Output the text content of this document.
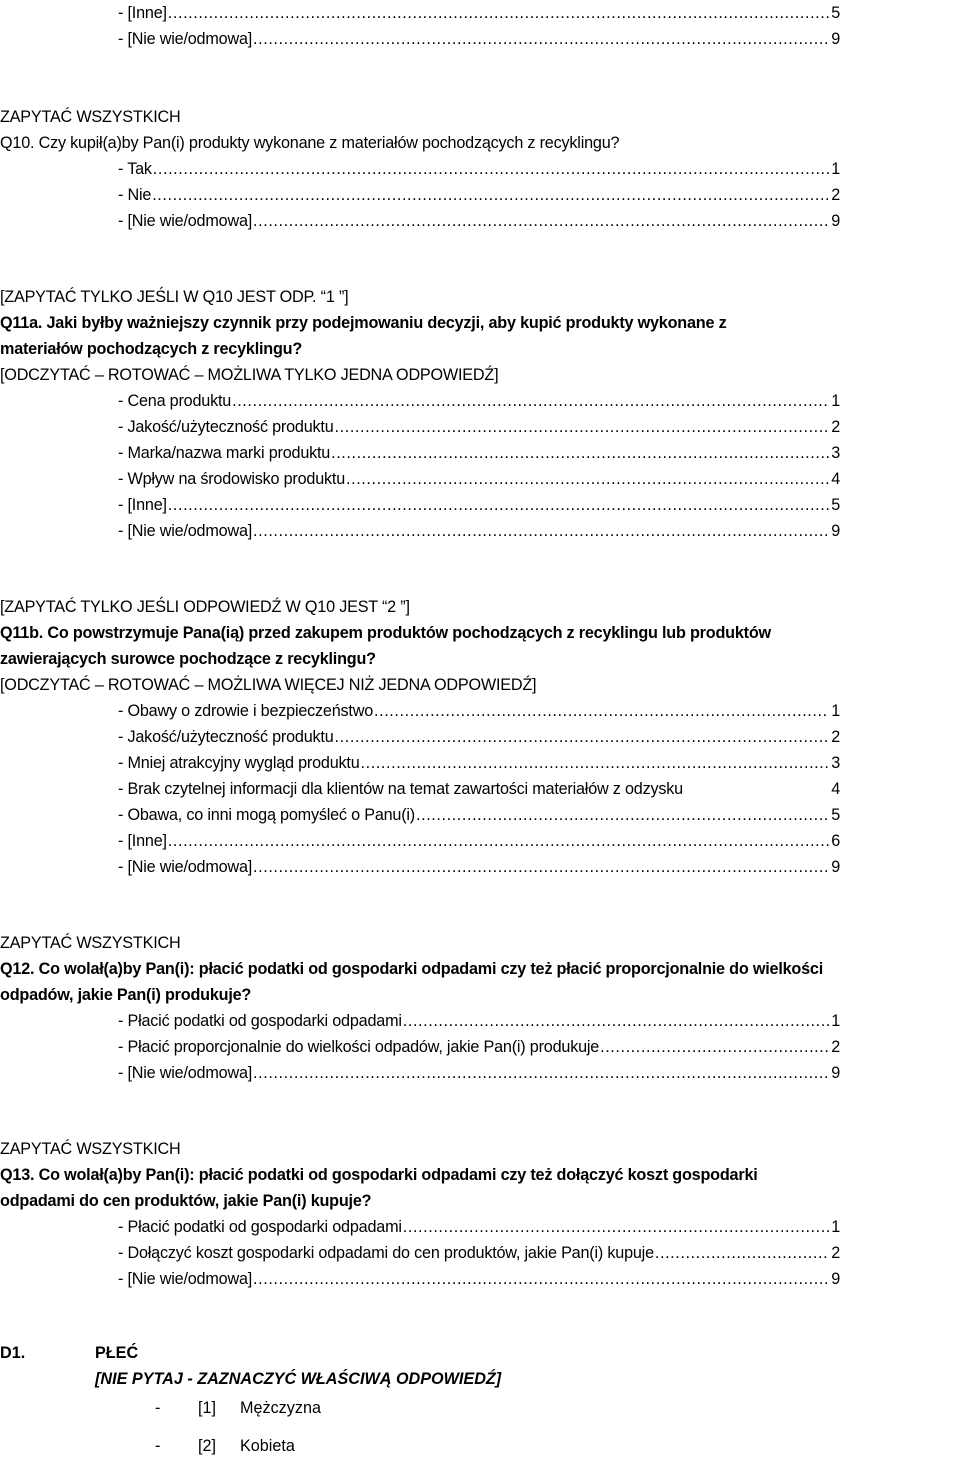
- [Inne] .....	5
- [Nie wie/odmowa] .....	9
ZAPYTAĆ WSZYSTKICH
Q10. Czy kupił(a)by Pan(i) produkty wykonane z materiałów pochodzących z recyklingu?
- Tak .....	1
- Nie .....	2
- [Nie wie/odmowa] .....	9
[ZAPYTAĆ TYLKO JEŚLI W Q10 JEST ODP. “1 ”]
Q11a. Jaki byłby ważniejszy czynnik przy podejmowaniu decyzji, aby kupić produkty wykonane z
materiałów pochodzących z recyklingu?
[ODCZYTAĆ – ROTOWAĆ – MOŻLIWA TYLKO JEDNA ODPOWIEDŹ]
- Cena produktu .....	1
- Jakość/użyteczność produktu .....	2
- Marka/nazwa marki produktu .....	3
- Wpływ na środowisko produktu .....	4
- [Inne] .....	5
- [Nie wie/odmowa] .....	9
[ZAPYTAĆ TYLKO JEŚLI ODPOWIEDŹ W Q10 JEST “2 ”]
Q11b. Co powstrzymuje Pana(ią) przed zakupem produktów pochodzących z recyklingu lub produktów
zawierających surowce pochodzące z recyklingu?
[ODCZYTAĆ – ROTOWAĆ – MOŻLIWA WIĘCEJ NIŻ JEDNA ODPOWIEDŹ]
- Obawy o zdrowie i bezpieczeństwo .....	1
- Jakość/użyteczność produktu .....	2
- Mniej atrakcyjny wygląd produktu .....	3
- Brak czytelnej informacji dla klientów na temat zawartości materiałów z odzysku	4
- Obawa, co inni mogą pomyśleć o Panu(i) .....	5
- [Inne] .....	6
- [Nie wie/odmowa] .....	9
ZAPYTAĆ WSZYSTKICH
Q12. Co wolał(a)by Pan(i): płacić podatki od gospodarki odpadami czy też płacić proporcjonalnie do wielkości
odpadów, jakie Pan(i) produkuje?
- Płacić podatki od gospodarki odpadami .....	1
- Płacić proporcjonalnie do wielkości odpadów, jakie Pan(i) produkuje .....	2
- [Nie wie/odmowa] .....	9
ZAPYTAĆ WSZYSTKICH
Q13. Co wolał(a)by Pan(i): płacić podatki od gospodarki odpadami czy też dołączyć koszt gospodarki
odpadami do cen produktów, jakie Pan(i) kupuje?
- Płacić podatki od gospodarki odpadami .....	1
- Dołączyć koszt gospodarki odpadami do cen produktów, jakie Pan(i) kupuje .....	2
- [Nie wie/odmowa] .....	9
D1.	PŁEĆ
[NIE PYTAJ - ZAZNACZYĆ WŁAŚCIWĄ ODPOWIEDŹ]
- [1] Mężczyzna
- [2] Kobieta
